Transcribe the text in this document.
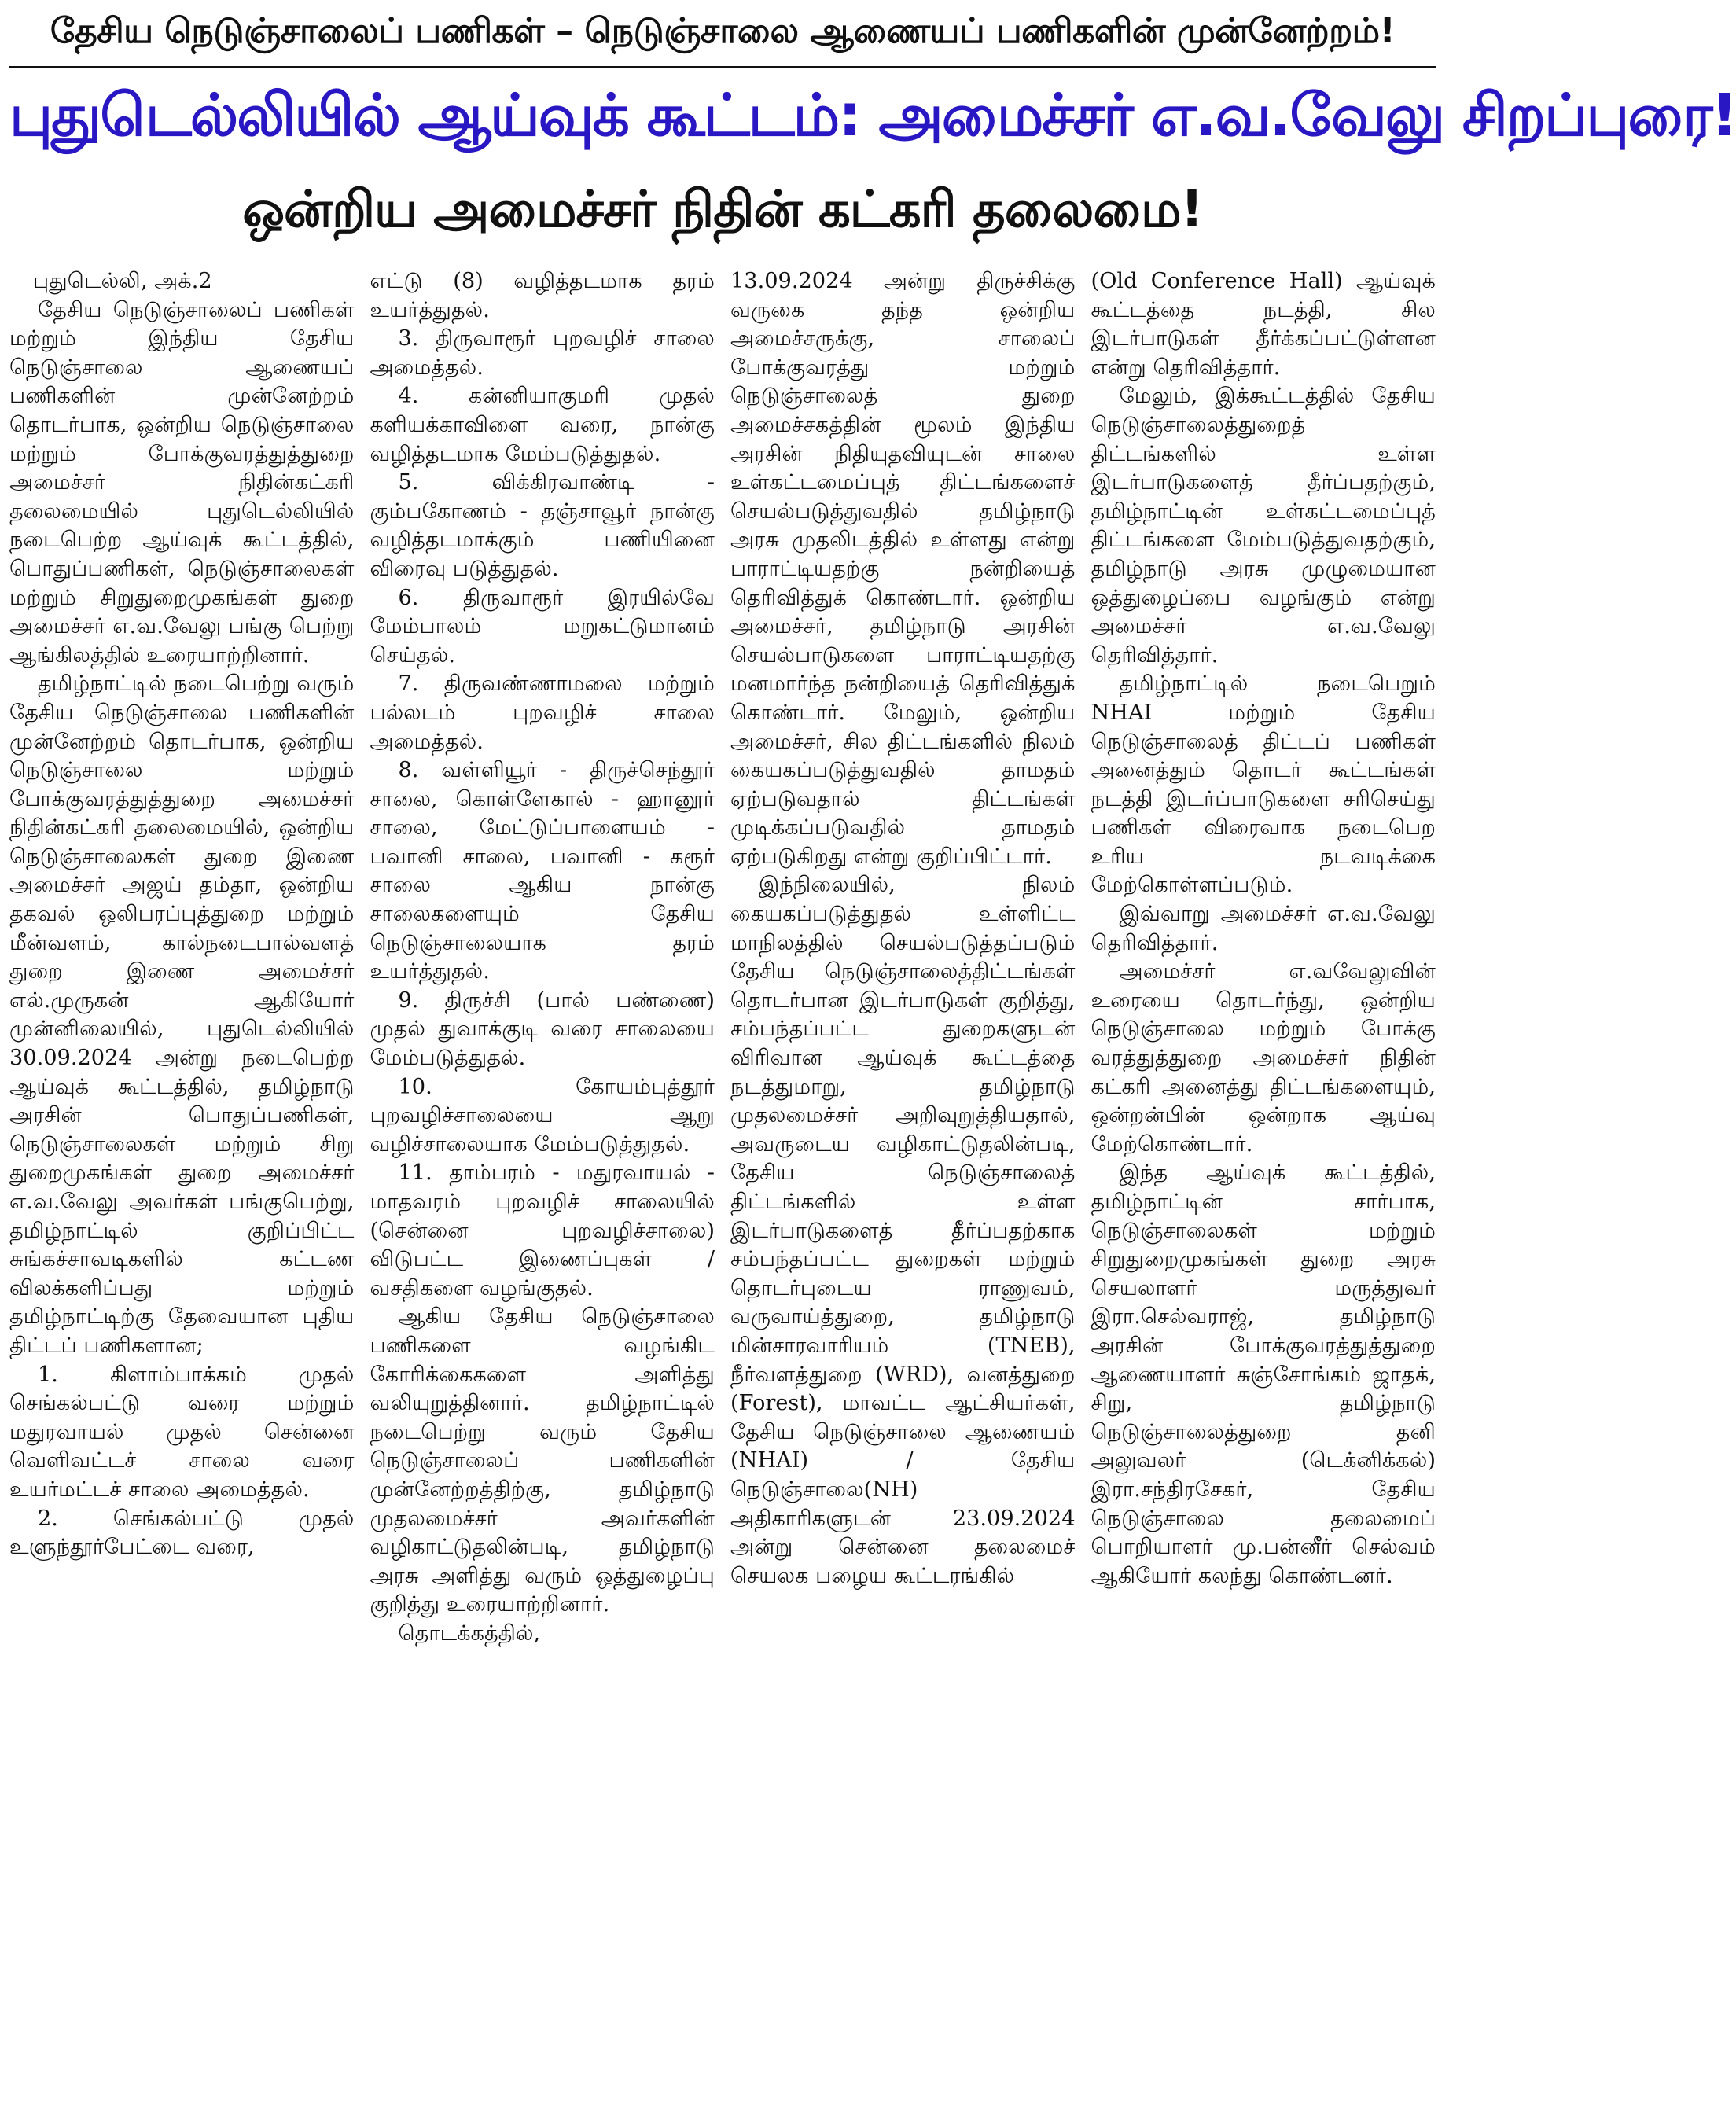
தேசிய நெடுஞ்சாலைப் பணிகள் – நெடுஞ்சாலை ஆணையப் பணிகளின் முன்னேற்றம்!
புதுடெல்லியில் ஆய்வுக் கூட்டம்: அமைச்சர் எ.வ.வேலு சிறப்புரை!
ஒன்றிய அமைச்சர் நிதின் கட்கரி தலைமை!

புதுடெல்லி, அக்.2

தேசிய நெடுஞ்சாலைப் பணிகள் மற்றும் இந்திய தேசிய நெடுஞ்சாலை ஆணையப் பணிகளின் முன்னேற்றம் தொடர்பாக, ஒன்றிய நெடுஞ்சாலை மற்றும் போக்குவரத்துத்துறை அமைச்சர் நிதின்கட்கரி தலைமையில் புதுடெல்லியில் நடைபெற்ற ஆய்வுக் கூட்டத்தில், பொதுப்பணிகள், நெடுஞ்சாலைகள் மற்றும் சிறுதுறைமுகங்கள் துறை அமைச்சர் எ.வ.வேலு பங்கு பெற்று ஆங்கிலத்தில் உரையாற்றினார்.

தமிழ்நாட்டில் நடைபெற்று வரும் தேசிய நெடுஞ்சாலை பணிகளின் முன்னேற்றம் தொடர்பாக, ஒன்றிய நெடுஞ்சாலை மற்றும் போக்குவரத்துத்துறை அமைச்சர் நிதின்கட்கரி தலைமையில், ஒன்றிய நெடுஞ்சாலைகள் துறை இணை அமைச்சர் அஜய் தம்தா, ஒன்றிய தகவல் ஒலிபரப்புத்துறை மற்றும் மீன்வளம், கால்நடைபால்வளத் துறை இணை அமைச்சர் எல்.முருகன் ஆகியோர் முன்னிலையில், புதுடெல்லியில் 30.09.2024 அன்று நடைபெற்ற ஆய்வுக் கூட்டத்தில், தமிழ்நாடு அரசின் பொதுப்பணிகள், நெடுஞ்சாலைகள் மற்றும் சிறு துறைமுகங்கள் துறை அமைச்சர் எ.வ.வேலு அவர்கள் பங்குபெற்று, தமிழ்நாட்டில் குறிப்பிட்ட சுங்கச்சாவடிகளில் கட்டண விலக்களிப்பது மற்றும் தமிழ்நாட்டிற்கு தேவையான புதிய திட்டப் பணிகளான;

1. கிளாம்பாக்கம் முதல் செங்கல்பட்டு வரை மற்றும் மதுரவாயல் முதல் சென்னை வெளிவட்டச் சாலை வரை உயர்மட்டச் சாலை அமைத்தல்.

2. செங்கல்பட்டு முதல் உளுந்தூர்பேட்டை வரை,

எட்டு (8) வழித்தடமாக தரம் உயர்த்துதல்.

3. திருவாரூர் புறவழிச் சாலை அமைத்தல்.

4. கன்னியாகுமரி முதல் களியக்காவிளை வரை, நான்கு வழித்தடமாக மேம்படுத்துதல்.

5. விக்கிரவாண்டி - கும்பகோணம் - தஞ்சாவூர் நான்கு வழித்தடமாக்கும் பணியினை விரைவு படுத்துதல்.

6. திருவாரூர் இரயில்வே மேம்பாலம் மறுகட்டுமானம் செய்தல்.

7. திருவண்ணாமலை மற்றும் பல்லடம் புறவழிச் சாலை அமைத்தல்.

8. வள்ளியூர் - திருச்செந்தூர் சாலை, கொள்ளேகால் - ஹானூர் சாலை, மேட்டுப்பாளையம் - பவானி சாலை, பவானி - கரூர் சாலை ஆகிய நான்கு சாலைகளையும் தேசிய நெடுஞ்சாலையாக தரம் உயர்த்துதல்.

9. திருச்சி (பால் பண்ணை) முதல் துவாக்குடி வரை சாலையை மேம்படுத்துதல்.

10. கோயம்புத்தூர் புறவழிச்சாலையை ஆறு வழிச்சாலையாக மேம்படுத்துதல்.

11. தாம்பரம் - மதுரவாயல் - மாதவரம் புறவழிச் சாலையில் (சென்னை புறவழிச்சாலை) விடுபட்ட இணைப்புகள் / வசதிகளை வழங்குதல்.

ஆகிய தேசிய நெடுஞ்சாலை பணிகளை வழங்கிட கோரிக்கைகளை அளித்து வலியுறுத்தினார். தமிழ்நாட்டில் நடைபெற்று வரும் தேசிய நெடுஞ்சாலைப் பணிகளின் முன்னேற்றத்திற்கு, தமிழ்நாடு முதலமைச்சர் அவர்களின் வழிகாட்டுதலின்படி, தமிழ்நாடு அரசு அளித்து வரும் ஒத்துழைப்பு குறித்து உரையாற்றினார்.

தொடக்கத்தில்,

13.09.2024 அன்று திருச்சிக்கு வருகை தந்த ஒன்றிய அமைச்சருக்கு, சாலைப் போக்குவரத்து மற்றும் நெடுஞ்சாலைத் துறை அமைச்சகத்தின் மூலம் இந்திய அரசின் நிதியுதவியுடன் சாலை உள்கட்டமைப்புத் திட்டங்களைச் செயல்படுத்துவதில் தமிழ்நாடு அரசு முதலிடத்தில் உள்ளது என்று பாராட்டியதற்கு நன்றியைத் தெரிவித்துக் கொண்டார். ஒன்றிய அமைச்சர், தமிழ்நாடு அரசின் செயல்பாடுகளை பாராட்டியதற்கு மனமார்ந்த நன்றியைத் தெரிவித்துக் கொண்டார். மேலும், ஒன்றிய அமைச்சர், சில திட்டங்களில் நிலம் கையகப்படுத்துவதில் தாமதம் ஏற்படுவதால் திட்டங்கள் முடிக்கப்படுவதில் தாமதம் ஏற்படுகிறது என்று குறிப்பிட்டார்.

இந்நிலையில், நிலம் கையகப்படுத்துதல் உள்ளிட்ட மாநிலத்தில் செயல்படுத்தப்படும் தேசிய நெடுஞ்சாலைத்திட்டங்கள் தொடர்பான இடர்பாடுகள் குறித்து, சம்பந்தப்பட்ட துறைகளுடன் விரிவான ஆய்வுக் கூட்டத்தை நடத்துமாறு, தமிழ்நாடு முதலமைச்சர் அறிவுறுத்தியதால், அவருடைய வழிகாட்டுதலின்படி, தேசிய நெடுஞ்சாலைத் திட்டங்களில் உள்ள இடர்பாடுகளைத் தீர்ப்பதற்காக சம்பந்தப்பட்ட துறைகள் மற்றும் தொடர்புடைய ராணுவம், வருவாய்த்துறை, தமிழ்நாடு மின்சாரவாரியம் (TNEB), நீர்வளத்துறை (WRD), வனத்துறை (Forest), மாவட்ட ஆட்சியர்கள், தேசிய நெடுஞ்சாலை ஆணையம் (NHAI) / தேசிய நெடுஞ்சாலை(NH) அதிகாரிகளுடன் 23.09.2024 அன்று சென்னை தலைமைச் செயலக பழைய கூட்டரங்கில்

(Old Conference Hall) ஆய்வுக் கூட்டத்தை நடத்தி, சில இடர்பாடுகள் தீர்க்கப்பட்டுள்ளன என்று தெரிவித்தார்.

மேலும், இக்கூட்டத்தில் தேசிய நெடுஞ்சாலைத்துறைத் திட்டங்களில் உள்ள இடர்பாடுகளைத் தீர்ப்பதற்கும், தமிழ்நாட்டின் உள்கட்டமைப்புத் திட்டங்களை மேம்படுத்துவதற்கும், தமிழ்நாடு அரசு முழுமையான ஒத்துழைப்பை வழங்கும் என்று அமைச்சர் எ.வ.வேலு தெரிவித்தார்.

தமிழ்நாட்டில் நடைபெறும் NHAI மற்றும் தேசிய நெடுஞ்சாலைத் திட்டப் பணிகள் அனைத்தும் தொடர் கூட்டங்கள் நடத்தி இடர்ப்பாடுகளை சரிசெய்து பணிகள் விரைவாக நடைபெற உரிய நடவடிக்கை மேற்கொள்ளப்படும்.

இவ்வாறு அமைச்சர் எ.வ.வேலு தெரிவித்தார்.

அமைச்சர் எ.வவேலுவின் உரையை தொடர்ந்து, ஒன்றிய நெடுஞ்சாலை மற்றும் போக்கு வரத்துத்துறை அமைச்சர் நிதின் கட்கரி அனைத்து திட்டங்களையும், ஒன்றன்பின் ஒன்றாக ஆய்வு மேற்கொண்டார்.

இந்த ஆய்வுக் கூட்டத்தில், தமிழ்நாட்டின் சார்பாக, நெடுஞ்சாலைகள் மற்றும் சிறுதுறைமுகங்கள் துறை அரசு செயலாளர் மருத்துவர் இரா.செல்வராஜ், தமிழ்நாடு அரசின் போக்குவரத்துத்துறை ஆணையாளர் சுஞ்சோங்கம் ஜாதக், சிறு, தமிழ்நாடு நெடுஞ்சாலைத்துறை தனி அலுவலர் (டெக்னிக்கல்) இரா.சந்திரசேகர், தேசிய நெடுஞ்சாலை தலைமைப் பொறியாளர் மு.பன்னீர் செல்வம் ஆகியோர் கலந்து கொண்டனர்.
